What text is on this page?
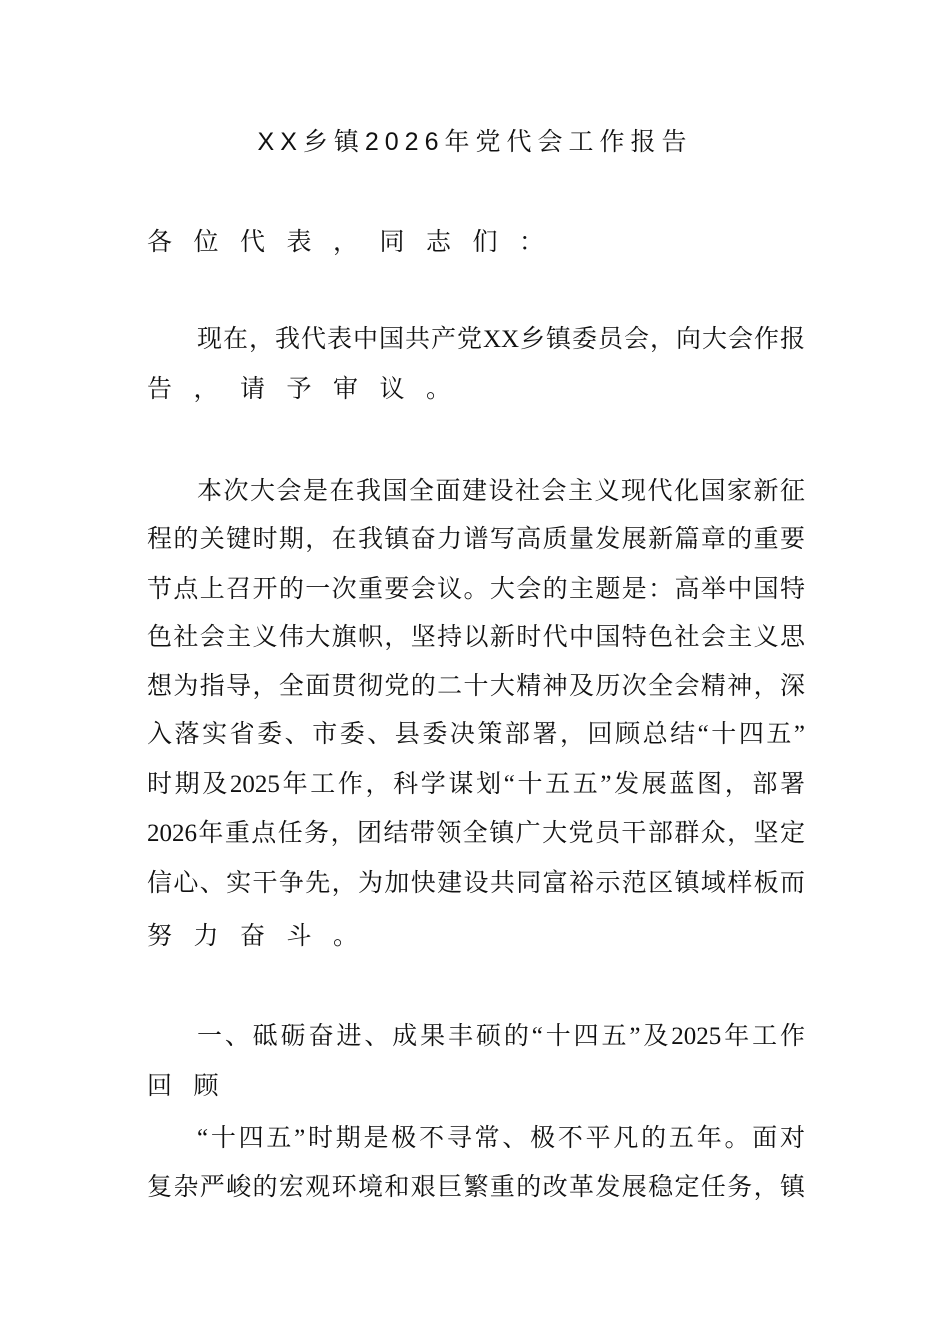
XX乡镇2026年党代会工作报告
各位代表，同志们：
现在，我代表中国共产党XX乡镇委员会，向大会作报
告，请予审议。
本次大会是在我国全面建设社会主义现代化国家新征
程的关键时期，在我镇奋力谱写高质量发展新篇章的重要
节点上召开的一次重要会议。大会的主题是：高举中国特
色社会主义伟大旗帜，坚持以新时代中国特色社会主义思
想为指导，全面贯彻党的二十大精神及历次全会精神，深
入落实省委、市委、县委决策部署，回顾总结“十四五”
时期及2025年工作，科学谋划“十五五”发展蓝图，部署
2026年重点任务，团结带领全镇广大党员干部群众，坚定
信心、实干争先，为加快建设共同富裕示范区镇域样板而
努力奋斗。
一、砥砺奋进、成果丰硕的“十四五”及2025年工作
回顾
“十四五”时期是极不寻常、极不平凡的五年。面对
复杂严峻的宏观环境和艰巨繁重的改革发展稳定任务，镇
